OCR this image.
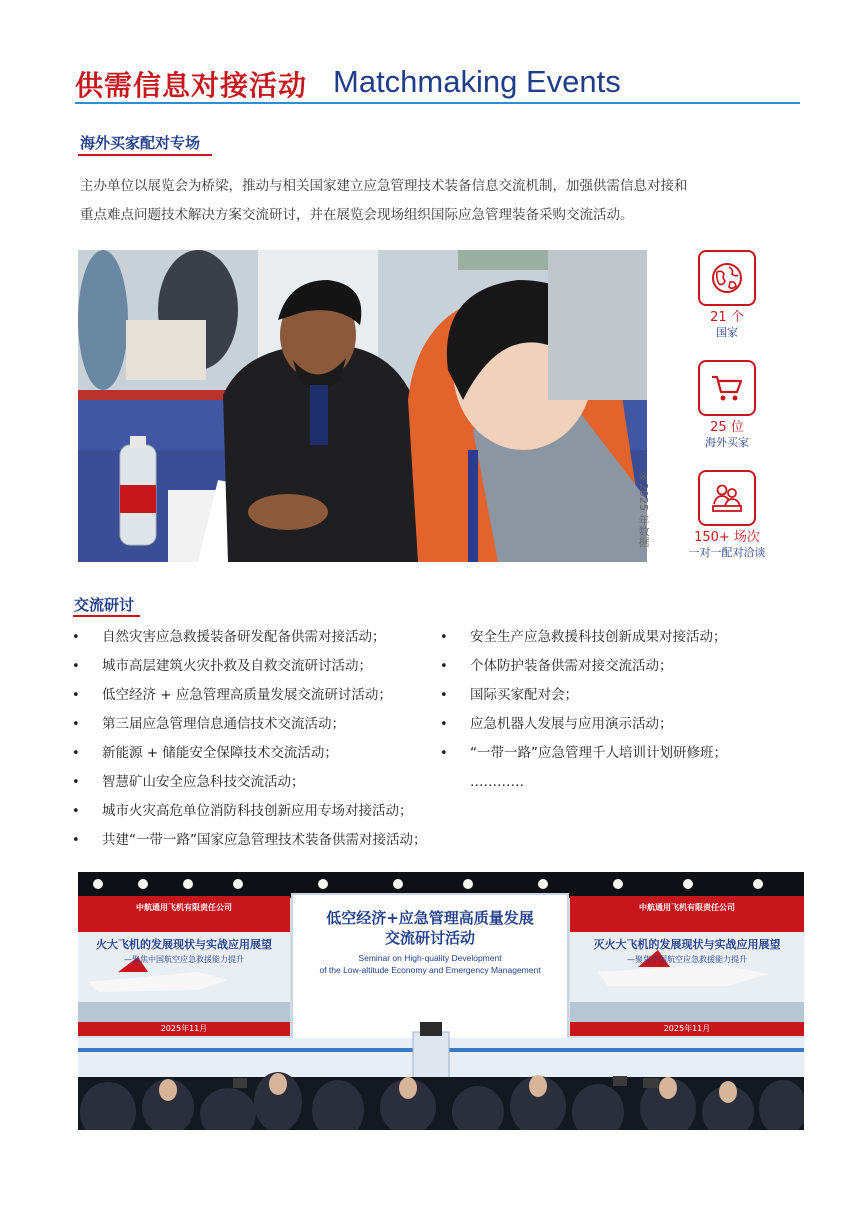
供需信息对接活动 Matchmaking Events
海外买家配对专场
主办单位以展览会为桥梁，推动与相关国家建立应急管理技术装备信息交流机制，加强供需信息对接和
重点难点问题技术解决方案交流研讨，并在展览会现场组织国际应急管理装备采购交流活动。
※2025 年数据
21 个
国家
25 位
海外买家
150+ 场次
一对一配对洽谈
交流研讨
• 自然灾害应急救援装备研发配备供需对接活动；
• 城市高层建筑火灾扑救及自救交流研讨活动；
• 低空经济 + 应急管理高质量发展交流研讨活动；
• 第三届应急管理信息通信技术交流活动；
• 新能源 + 储能安全保障技术交流活动；
• 智慧矿山安全应急科技交流活动；
• 城市火灾高危单位消防科技创新应用专场对接活动；
• 共建“一带一路”国家应急管理技术装备供需对接活动；
• 安全生产应急救援科技创新成果对接活动；
• 个体防护装备供需对接交流活动；
• 国际买家配对会；
• 应急机器人发展与应用演示活动；
• “一带一路”应急管理千人培训计划研修班；
…………
低空经济+应急管理高质量发展
交流研讨活动
Seminar on High-quality Development
of the Low-altitude Economy and Emergency Management
中航通用飞机有限责任公司
火大飞机的发展现状与实战应用展望
—聚焦中国航空应急救援能力提升
2025年11月
中航通用飞机有限责任公司
灭火大飞机的发展现状与实战应用展望
—聚焦中国航空应急救援能力提升
2025年11月
